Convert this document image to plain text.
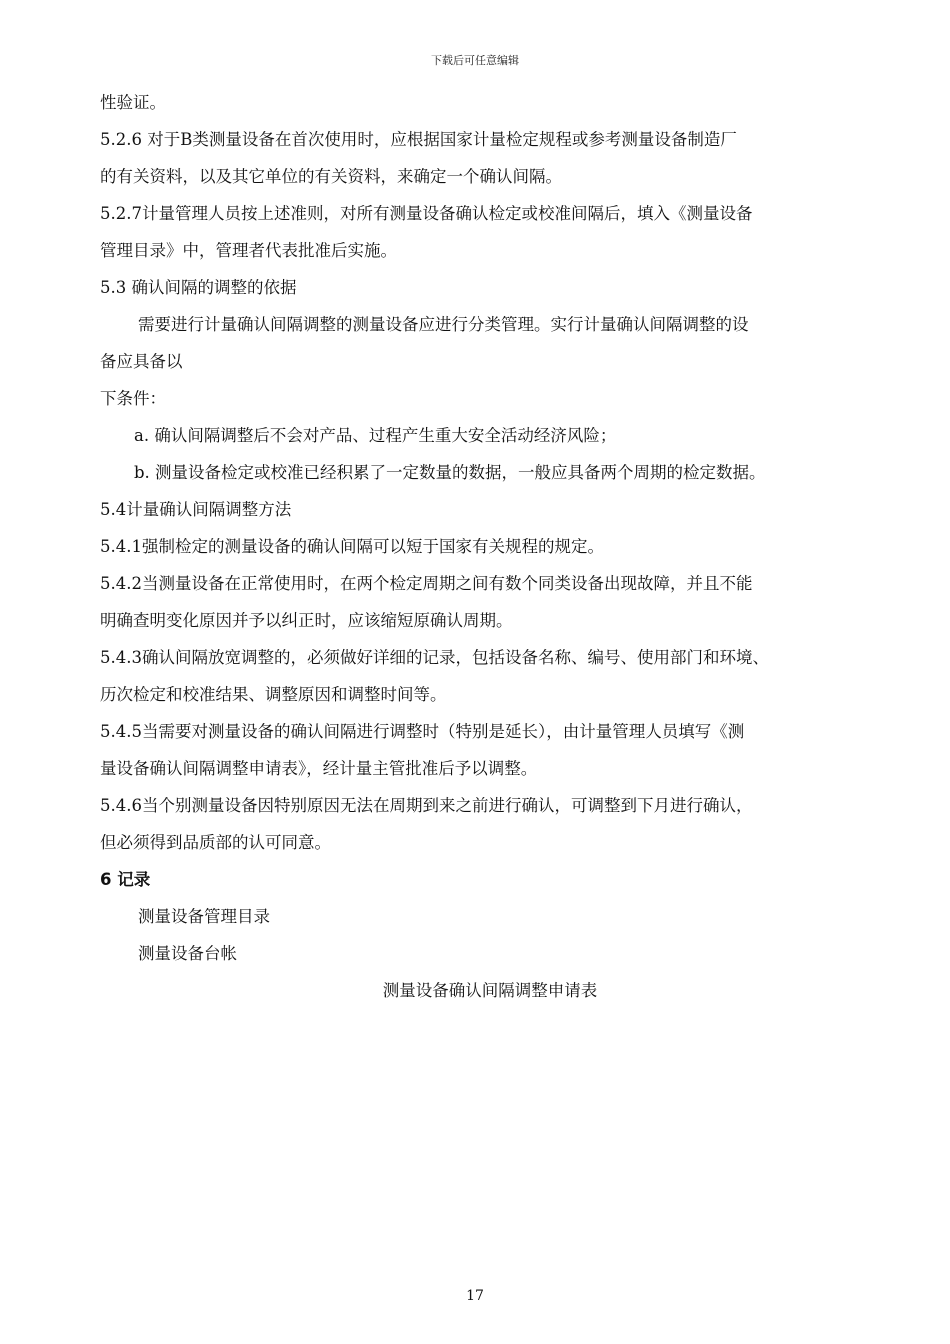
下载后可任意编辑
性验证。
5.2.6 对于B类测量设备在首次使用时，应根据国家计量检定规程或参考测量设备制造厂
的有关资料，以及其它单位的有关资料，来确定一个确认间隔。
5.2.7计量管理人员按上述准则，对所有测量设备确认检定或校准间隔后，填入《测量设备
管理目录》中，管理者代表批准后实施。
5.3 确认间隔的调整的依据
需要进行计量确认间隔调整的测量设备应进行分类管理。实行计量确认间隔调整的设
备应具备以
下条件：
a. 确认间隔调整后不会对产品、过程产生重大安全活动经济风险；
b. 测量设备检定或校准已经积累了一定数量的数据，一般应具备两个周期的检定数据。
5.4计量确认间隔调整方法
5.4.1强制检定的测量设备的确认间隔可以短于国家有关规程的规定。
5.4.2当测量设备在正常使用时，在两个检定周期之间有数个同类设备出现故障，并且不能
明确查明变化原因并予以纠正时，应该缩短原确认周期。
5.4.3确认间隔放宽调整的，必须做好详细的记录，包括设备名称、编号、使用部门和环境、
历次检定和校准结果、调整原因和调整时间等。
5.4.5当需要对测量设备的确认间隔进行调整时（特别是延长），由计量管理人员填写《测
量设备确认间隔调整申请表》，经计量主管批准后予以调整。
5.4.6当个别测量设备因特别原因无法在周期到来之前进行确认，可调整到下月进行确认，
但必须得到品质部的认可同意。
6 记录
测量设备管理目录
测量设备台帐
测量设备确认间隔调整申请表
17
